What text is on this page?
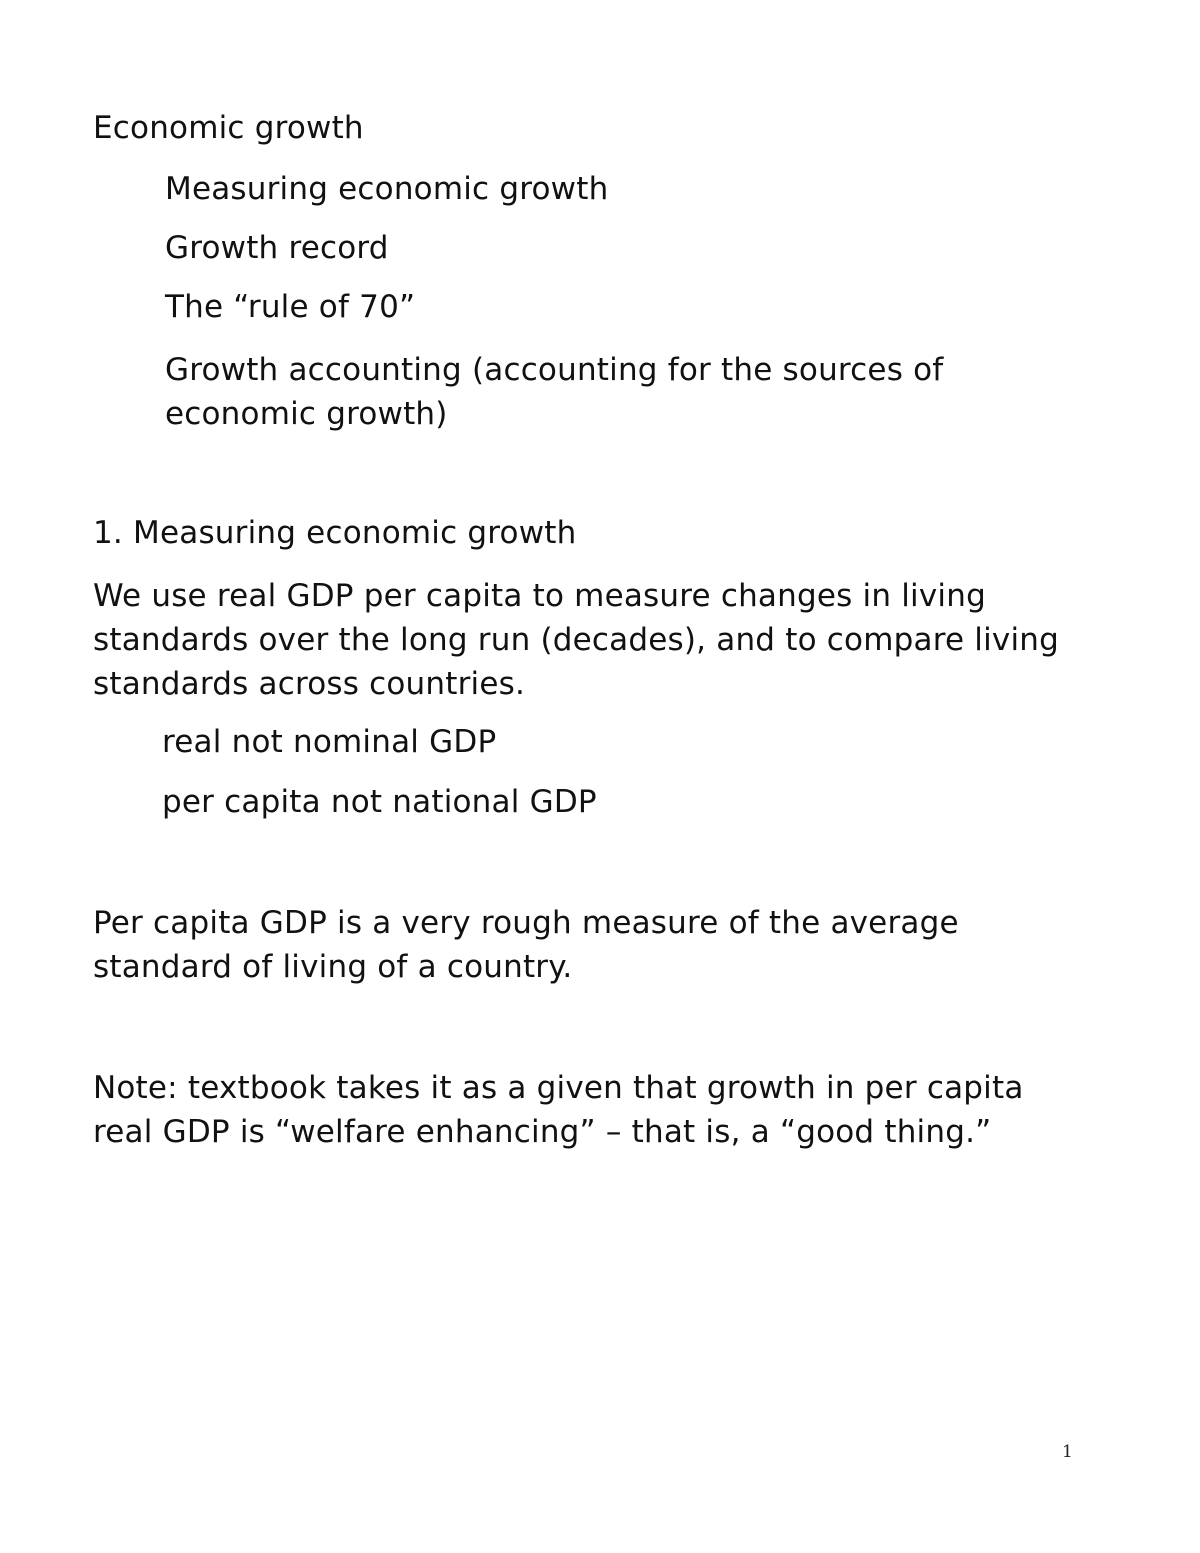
Economic growth

Measuring economic growth

Growth record

The “rule of 70”

Growth accounting (accounting for the sources of economic growth)

1. Measuring economic growth

We use real GDP per capita to measure changes in living standards over the long run (decades), and to compare living standards across countries.

real not nominal GDP

per capita not national GDP

Per capita GDP is a very rough measure of the average standard of living of a country.

Note: textbook takes it as a given that growth in per capita real GDP is “welfare enhancing” – that is, a “good thing.”

1
